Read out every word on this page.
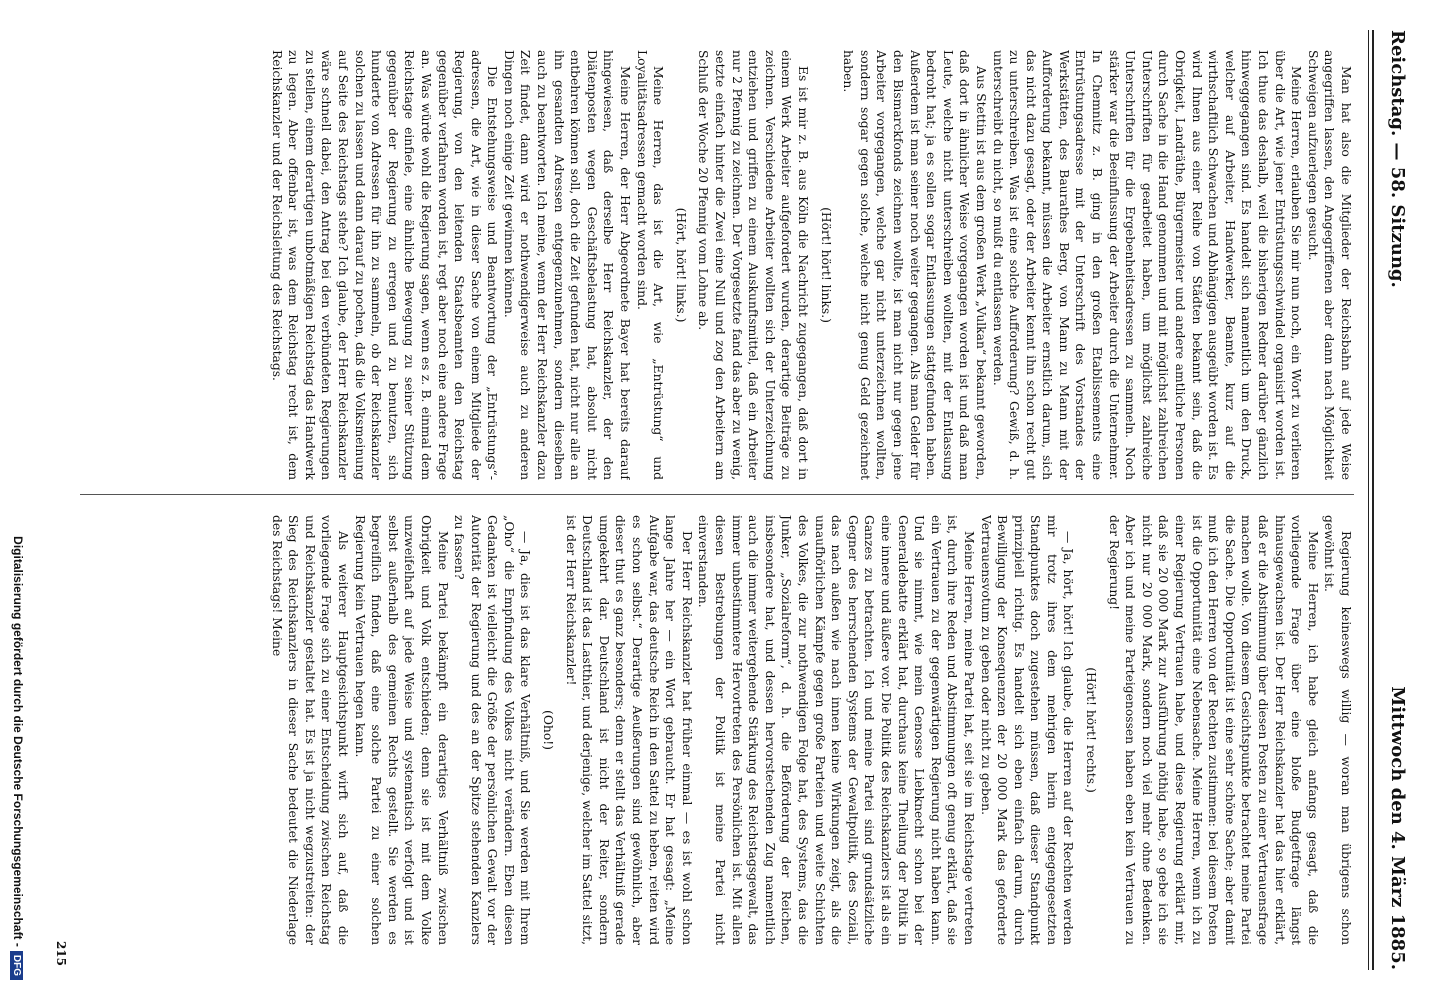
Reichstag. — 58. Sitzung.
Mittwoch den 4. März 1885.

Man hat also die Mitglieder der Reichsbahn auf jede Weise angegriffen lassen, den Angegriffenen aber dann nach Möglichkeit Schweigen aufzuerlegen gesucht.

Meine Herren, erlauben Sie mir nun noch, ein Wort zu verlieren über die Art, wie jener Entrüstungsschwindel organisirt worden ist. Ich thue das deshalb, weil die bisherigen Redner darüber gänzlich hinweggegangen sind. Es handelt sich namentlich um den Druck, welcher auf Arbeiter, Handwerker, Beamte, kurz auf die wirthschaftlich Schwachen und Abhängigen ausgeübt worden ist. Es wird Ihnen aus einer Reihe von Städten bekannt sein, daß die Obrigkeit, Landräthe, Bürgermeister und andere amtliche Personen durch Sache in die Hand genommen und mit möglichst zahlreichen Unterschriften für gearbeitet haben, um möglichst zahlreiche Unterschriften für die Ergebenheitsadressen zu sammeln. Noch stärker war die Beeinflussung der Arbeiter durch die Unternehmer. In Chemnitz z. B. ging in den großen Etablissements eine Entrüstungsadresse mit der Unterschrift des Vorstandes der Werkstätten, des Baurathes Berg, von Mann zu Mann mit der Aufforderung bekannt, müssen die Arbeiter ernstlich darum, sich das nicht dazu gesagt, oder der Arbeiter kennt ihn schon recht gut zu unterschreiben. Was ist eine solche Aufforderung? Gewiß, d. h. unterschreibt du nicht, so mußt du entlassen werden.

Aus Stettin ist aus dem großen Werk „Vulkan“ bekannt geworden, daß dort in ähnlicher Weise vorgegangen worden ist und daß man Leute, welche nicht unterschreiben wollten, mit der Entlassung bedroht hat; ja es sollen sogar Entlassungen stattgefunden haben. Außerdem ist man seiner noch weiter gegangen. Als man Gelder für den Bismarckfonds zeichnen wollte, ist man nicht nur gegen jene Arbeiter vorgegangen, welche gar nicht unterzeichnen wollten, sondern sogar gegen solche, welche nicht genug Geld gezeichnet haben.

(Hört! hört! links.)

Es ist mir z. B. aus Köln die Nachricht zugegangen, daß dort in einem Werk Arbeiter aufgefordert wurden, derartige Beiträge zu zeichnen. Verschiedene Arbeiter wollten sich der Unterzeichnung entziehen und griffen zu einem Auskunftsmittel, daß ein Arbeiter nur 2 Pfennig zu zeichnen. Der Vorgesetzte fand das aber zu wenig, setzte einfach hinter die Zwei eine Null und zog den Arbeitern am Schluß der Woche 20 Pfennig vom Lohne ab.

(Hört, hört! links.)

Meine Herren, das ist die Art, wie „Entrüstung“ und Loyalitätsadressen gemacht worden sind.

Meine Herren, der Herr Abgeordnete Bayer hat bereits darauf hingewiesen, daß derselbe Herr Reichskanzler, der den Diätenposten wegen Geschäftsbelastung hat, absolut nicht entbehren können soll, doch die Zeit gefunden hat, nicht nur alle an ihn gesandten Adressen entgegenzunehmen, sondern dieselben auch zu beantworten. Ich meine, wenn der Herr Reichskanzler dazu Zeit findet, dann wird er nothwendigerweise auch zu anderen Dingen noch einige Zeit gewinnen können.

Die Entstehungsweise und Beantwortung der „Entrüstungs“-adressen, die Art, wie in dieser Sache von einem Mitgliede der Regierung, von den leitenden Staatsbeamten den Reichstag gegenüber verfahren worden ist, regt aber noch eine andere Frage an. Was würde wohl die Regierung sagen, wenn es z. B. einmal dem Reichstage einfiele, eine ähnliche Bewegung zu seiner Stützung gegenüber der Regierung zu erregen und zu benutzen, sich hunderte von Adressen für ihn zu sammeln, ob der Reichskanzler solchen zu lassen und dann darauf zu pochen, daß die Volksmeinung auf Seite des Reichstags stehe? Ich glaube, der Herr Reichskanzler wäre schnell dabei, den Antrag bei den verbündeten Regierungen zu stellen, einem derartigen unbotmäßigen Reichstag das Handwerk zu legen. Aber offenbar ist, was dem Reichstag recht ist, dem Reichskanzler und der Reichsleitung des Reichstags.

Regierung keineswegs willig — woran man übrigens schon gewöhnt ist.

Meine Herren, ich habe gleich anfangs gesagt, daß die vorliegende Frage über eine bloße Budgetfrage längst hinausgewachsen ist. Der Herr Reichskanzler hat das hier erklärt, daß er die Abstimmung über diesen Posten zu einer Vertrauensfrage machen wolle. Von diesem Gesichtspunkte betrachtet meine Partei die Sache. Die Opportunität ist eine sehr schöne Sache; aber damit muß ich den Herren von der Rechten zustimmen: bei diesem Posten ist die Opportunität eine Nebensache. Meine Herren, wenn ich zu einer Regierung Vertrauen habe, und diese Regierung erklärt mir, daß sie 20 000 Mark zur Ausführung nöthig habe, so gebe ich sie nicht nur 20 000 Mark, sondern noch viel mehr ohne Bedenken. Aber ich und meine Parteigenossen haben eben kein Vertrauen zu der Regierung!

(Hört! hört! rechts.)

— Ja, hört, hört! Ich glaube, die Herren auf der Rechten werden mir trotz ihres dem mehrigen hierin entgegengesetzten Standpunktes doch zugestehen müssen, daß dieser Standpunkt prinzipiell richtig. Es handelt sich eben einfach darum, durch Bewilligung der Konsequenzen der 20 000 Mark das geforderte Vertrauensvotum zu geben oder nicht zu geben.

Meine Herren, meine Partei hat, seit sie im Reichstage vertreten ist, durch ihre Reden und Abstimmungen oft genug erklärt, daß sie ein Vertrauen zu der gegenwärtigen Regierung nicht haben kann. Und sie nimmt, wie mein Genosse Liebknecht schon bei der Generaldebatte erklärt hat, durchaus keine Theilung der Politik in eine innere und äußere vor. Die Politik des Reichskanzlers ist als ein Ganzes zu betrachten. Ich und meine Partei sind grundsätzliche Gegner des herrschenden Systems der Gewaltpolitik, des Soziali, das nach außen wie nach innen keine Wirkungen zeigt, als die unaufhörlichen Kämpfe gegen große Parteien und weite Schichten des Volkes, die zur nothwendigen Folge hat, des Systems, das die Junker, „Sozialreform“, d. h. die Beförderung der Reichen, insbesondere hat, und dessen hervorstechenden Zug namentlich auch die immer weitergehende Stärkung des Reichstagsgewalt, das immer unbestimmtere Hervortreten des Persönlichen ist. Mit allen diesen Bestrebungen der Politik ist meine Partei nicht einverstanden.

Der Herr Reichskanzler hat früher einmal — es ist wohl schon lange Jahre her — ein Wort gebraucht. Er hat gesagt: „Meine Aufgabe war, das deutsche Reich in den Sattel zu heben, reiten wird es schon selbst.“ Derartige Aeußerungen sind gewöhnlich, aber dieser thut es ganz besonders; denn er stellt das Verhältniß gerade umgekehrt dar. Deutschland ist nicht der Reiter, sondern Deutschland ist das Lastthier, und derjenige, welcher im Sattel sitzt, ist der Herr Reichskanzler!

(Oho!)

— Ja, dies ist das klare Verhältniß, und Sie werden mit Ihrem „Oho“ die Empfindung des Volkes nicht verändern. Eben diesen Gedanken ist vielleicht die Größe der persönlichen Gewalt vor der Autorität der Regierung und des an der Spitze stehenden Kanzlers zu fassen?

Meine Partei bekämpft ein derartiges Verhältniß zwischen Obrigkeit und Volk entschieden; denn sie ist mit dem Volke unzweifelhaft auf jede Weise und systematisch verfolgt und ist selbst außerhalb des gemeinen Rechts gestellt. Sie werden es begreiflich finden, daß eine solche Partei zu einer solchen Regierung kein Vertrauen hegen kann.

Als weiterer Hauptgesichtspunkt wirft sich auf, daß die vorliegende Frage sich zu einer Entscheidung zwischen Reichstag und Reichskanzler gestaltet hat. Es ist ja nicht wegzustreiten: der Sieg des Reichskanzlers in dieser Sache bedeutet die Niederlage des Reichstags! Meine

215
Digitalisierung gefördert durch die Deutsche Forschungsgemeinschaft -DFG
